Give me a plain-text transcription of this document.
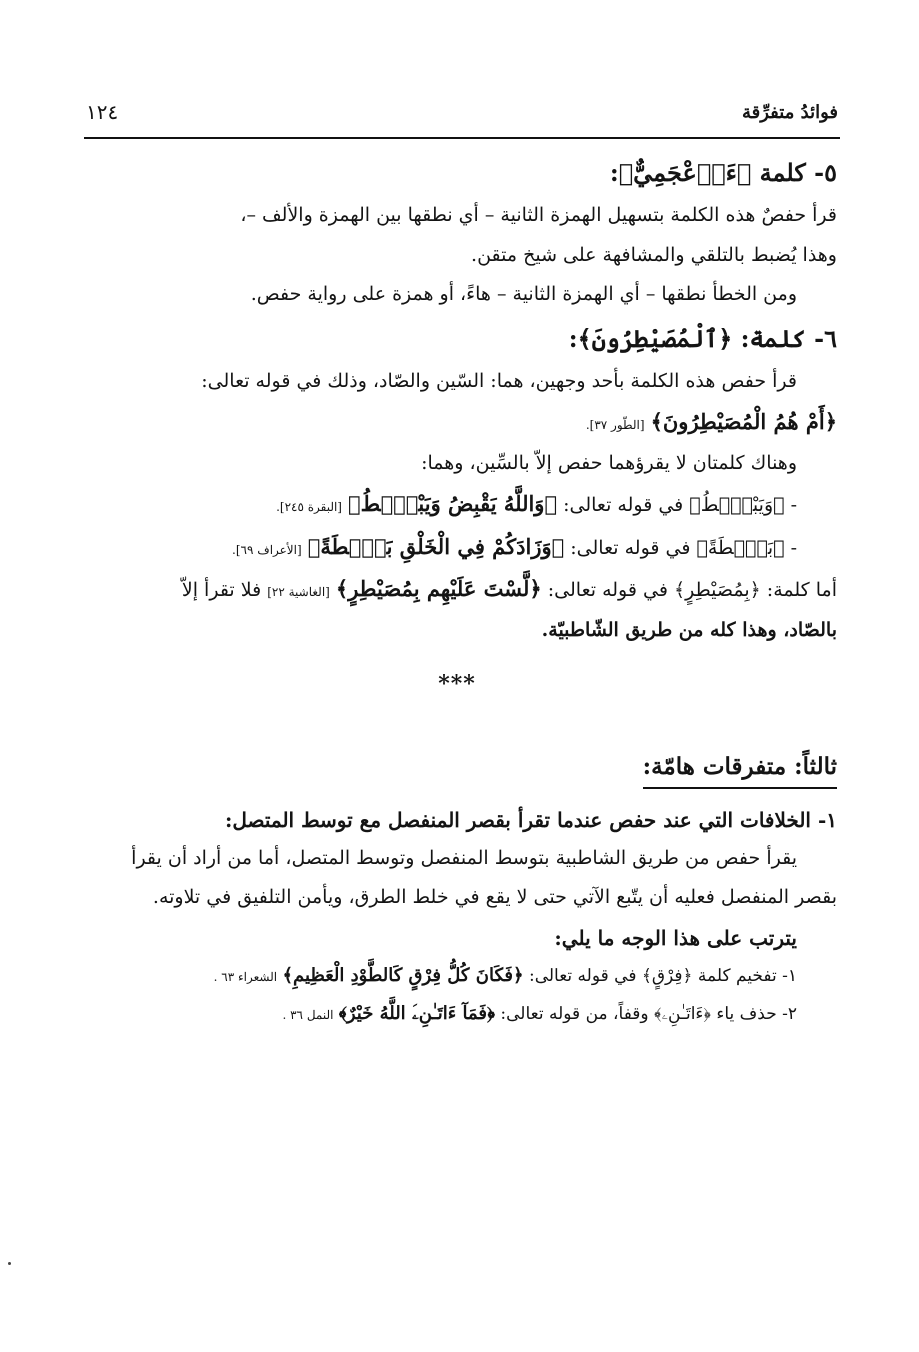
فوائدُ متفرِّقة
١٢٤
٥- كلمة ﴿ءَا۬عْجَمِيٌّ﴾:

قرأ حفصٌ هذه الكلمة بتسهيل الهمزة الثانية – أي نطقها بين الهمزة والألف –،

وهذا يُضبط بالتلقي والمشافهة على شيخ متقن.

ومن الخطأ نطقها – أي الهمزة الثانية – هاءً، أو همزة على رواية حفص.

٦- كلمة: ﴿ٱلْمُصَيْطِرُونَ﴾:

قرأ حفص هذه الكلمة بأحد وجهين، هما: السّين والصّاد، وذلك في قوله تعالى:

﴿أَمْ هُمُ الْمُصَيْطِرُونَ﴾ [الطّور ٣٧].

وهناك كلمتان لا يقرؤهما حفص إلاّ بالسِّين، وهما:

- ﴿وَيَبْصُۜطُ﴾ في قوله تعالى: ﴿وَاللَّهُ يَقْبِضُ وَيَبْصُۜطُ﴾ [البقرة ٢٤٥].

- ﴿بَصْۜطَةً﴾ في قوله تعالى: ﴿وَزَادَكُمْ فِي الْخَلْقِ بَصْۜطَةً﴾ [الأعراف ٦٩].

أما كلمة: ﴿بِمُصَيْطِرٍ﴾ في قوله تعالى: ﴿لَّسْتَ عَلَيْهِم بِمُصَيْطِرٍ﴾ [الغاشية ٢٢] فلا تقرأ إلاّ

بالصّاد، وهذا كله من طريق الشّاطبيّة.

***
ثالثاً: متفرقات هامّة:
١- الخلافات التي عند حفص عندما تقرأ بقصر المنفصل مع توسط المتصل:

يقرأ حفص من طريق الشاطبية بتوسط المنفصل وتوسط المتصل، أما من أراد أن يقرأ

بقصر المنفصل فعليه أن يتّبع الآتي حتى لا يقع في خلط الطرق، ويأمن التلفيق في تلاوته.

يترتب على هذا الوجه ما يلي:

١- تفخيم كلمة ﴿فِرْقٍ﴾ في قوله تعالى: ﴿فَكَانَ كُلُّ فِرْقٍ كَالطَّوْدِ الْعَظِيمِ﴾ الشعراء ٦٣ .

٢- حذف ياء ﴿ءَاتَـٰنِۦ﴾ وقفاً، من قوله تعالى: ﴿فَمَآ ءَاتَـٰنِۦَ اللَّهُ خَيْرٌ﴾ النمل ٣٦ .
